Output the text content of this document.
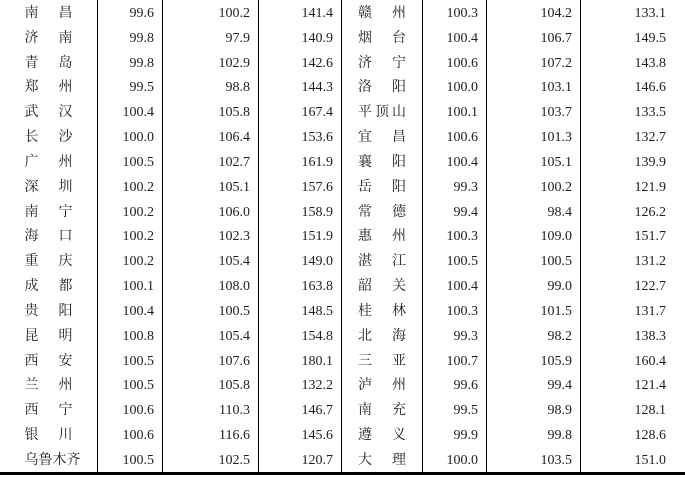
南昌	99.6	100.2	141.4	赣州	100.3	104.2	133.1
济南	99.8	97.9	140.9	烟台	100.4	106.7	149.5
青岛	99.8	102.9	142.6	济宁	100.6	107.2	143.8
郑州	99.5	98.8	144.3	洛阳	100.0	103.1	146.6
武汉	100.4	105.8	167.4	平顶山	100.1	103.7	133.5
长沙	100.0	106.4	153.6	宜昌	100.6	101.3	132.7
广州	100.5	102.7	161.9	襄阳	100.4	105.1	139.9
深圳	100.2	105.1	157.6	岳阳	99.3	100.2	121.9
南宁	100.2	106.0	158.9	常德	99.4	98.4	126.2
海口	100.2	102.3	151.9	惠州	100.3	109.0	151.7
重庆	100.2	105.4	149.0	湛江	100.5	100.5	131.2
成都	100.1	108.0	163.8	韶关	100.4	99.0	122.7
贵阳	100.4	100.5	148.5	桂林	100.3	101.5	131.7
昆明	100.8	105.4	154.8	北海	99.3	98.2	138.3
西安	100.5	107.6	180.1	三亚	100.7	105.9	160.4
兰州	100.5	105.8	132.2	泸州	99.6	99.4	121.4
西宁	100.6	110.3	146.7	南充	99.5	98.9	128.1
银川	100.6	116.6	145.6	遵义	99.9	99.8	128.6
乌鲁木齐	100.5	102.5	120.7	大理	100.0	103.5	151.0
